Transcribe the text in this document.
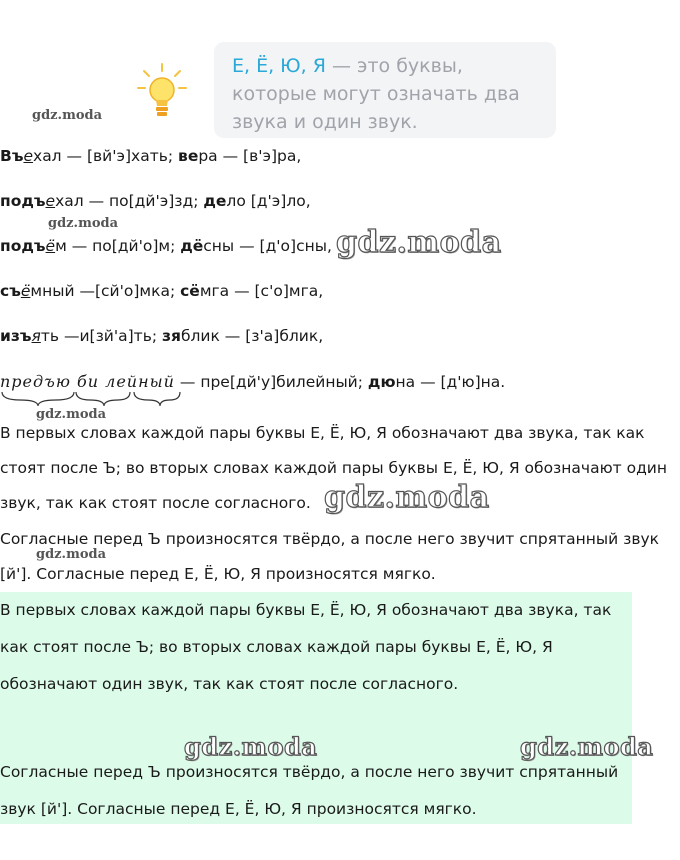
Е, Ё, Ю, Я — это буквы, которые могут означать два звука и один звук.
gdz.moda
gdz.moda
gdz.moda
gdz.moda
gdz.moda
gdz.moda
Въехал — [вй'э]хать; вера — [в'э]ра,
подъехал — по[дй'э]зд; дело [д'э]ло,
подъём — по[дй'о]м; дёсны — [д'о]сны,
съёмный —[сй'о]мка; сёмга — [с'о]мга,
изъять —и[зй'а]ть; зяблик — [з'а]блик,
предъю би лейный — пре[дй'у]билейный; дюна — [д'ю]на.
В первых словах каждой пары буквы Е, Ё, Ю, Я обозначают два звука, так как стоят после Ъ; во вторых словах каждой пары буквы Е, Ё, Ю, Я обозначают один звук, так как стоят после согласного.
Согласные перед Ъ произносятся твёрдо, а после него звучит спрятанный звук [й']. Согласные перед Е, Ё, Ю, Я произносятся мягко.
В первых словах каждой пары буквы Е, Ё, Ю, Я обозначают два звука, так как стоят после Ъ; во вторых словах каждой пары буквы Е, Ё, Ю, Я обозначают один звук, так как стоят после согласного.
Согласные перед Ъ произносятся твёрдо, а после него звучит спрятанный звук [й']. Согласные перед Е, Ё, Ю, Я произносятся мягко.
gdz.moda	gdz.moda
